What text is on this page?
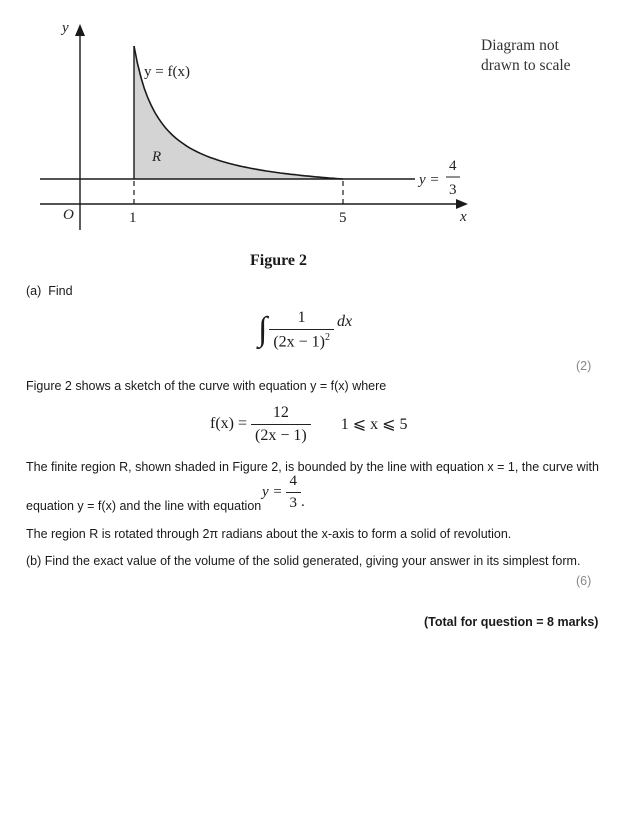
y
x
O
y = f(x)
R
1	5
y =
4
3
Diagram not
drawn to scale
Figure 2
(a) Find
∫ $\frac{1}{(2x - 1)^2}$ dx
(2)
Figure 2 shows a sketch of the curve with equation y = f(x) where
$f(x) = \frac{12}{(2x - 1)} 1$ ⩽ x ⩽ 5
The finite region R, shown shaded in Figure 2, is bounded by the line with equation x = 1, the curve with
equation y = f(x) and the line with equation
$y = \frac{4}{3}$ .
The region R is rotated through 2π radians about the x-axis to form a solid of revolution.
(b) Find the exact value of the volume of the solid generated, giving your answer in its simplest form.
(6)
(Total for question = 8 marks)
